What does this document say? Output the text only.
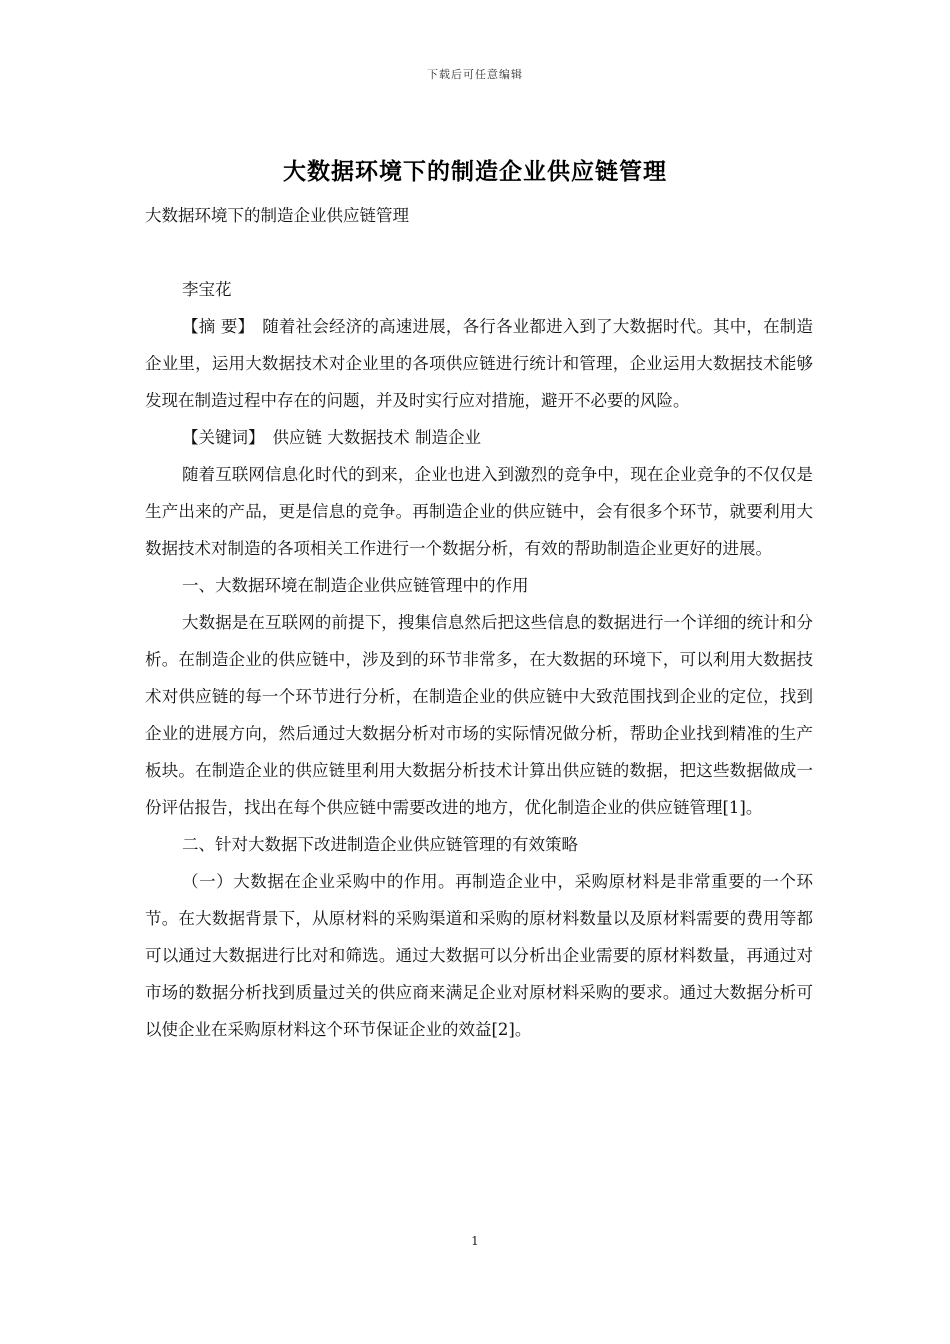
下载后可任意编辑
大数据环境下的制造企业供应链管理

大数据环境下的制造企业供应链管理

李宝花

【摘 要】 随着社会经济的高速进展，各行各业都进入到了大数据时代。其中，在制造企业里，运用大数据技术对企业里的各项供应链进行统计和管理，企业运用大数据技术能够发现在制造过程中存在的问题，并及时实行应对措施，避开不必要的风险。

【关键词】 供应链 大数据技术 制造企业

随着互联网信息化时代的到来，企业也进入到激烈的竞争中，现在企业竞争的不仅仅是生产出来的产品，更是信息的竞争。再制造企业的供应链中，会有很多个环节，就要利用大数据技术对制造的各项相关工作进行一个数据分析，有效的帮助制造企业更好的进展。

一、大数据环境在制造企业供应链管理中的作用

大数据是在互联网的前提下，搜集信息然后把这些信息的数据进行一个详细的统计和分析。在制造企业的供应链中，涉及到的环节非常多，在大数据的环境下，可以利用大数据技术对供应链的每一个环节进行分析，在制造企业的供应链中大致范围找到企业的定位，找到企业的进展方向，然后通过大数据分析对市场的实际情况做分析，帮助企业找到精准的生产板块。在制造企业的供应链里利用大数据分析技术计算出供应链的数据，把这些数据做成一份评估报告，找出在每个供应链中需要改进的地方，优化制造企业的供应链管理[1]。

二、针对大数据下改进制造企业供应链管理的有效策略

（一）大数据在企业采购中的作用。再制造企业中，采购原材料是非常重要的一个环节。在大数据背景下，从原材料的采购渠道和采购的原材料数量以及原材料需要的费用等都可以通过大数据进行比对和筛选。通过大数据可以分析出企业需要的原材料数量，再通过对市场的数据分析找到质量过关的供应商来满足企业对原材料采购的要求。通过大数据分析可以使企业在采购原材料这个环节保证企业的效益[2]。

1
